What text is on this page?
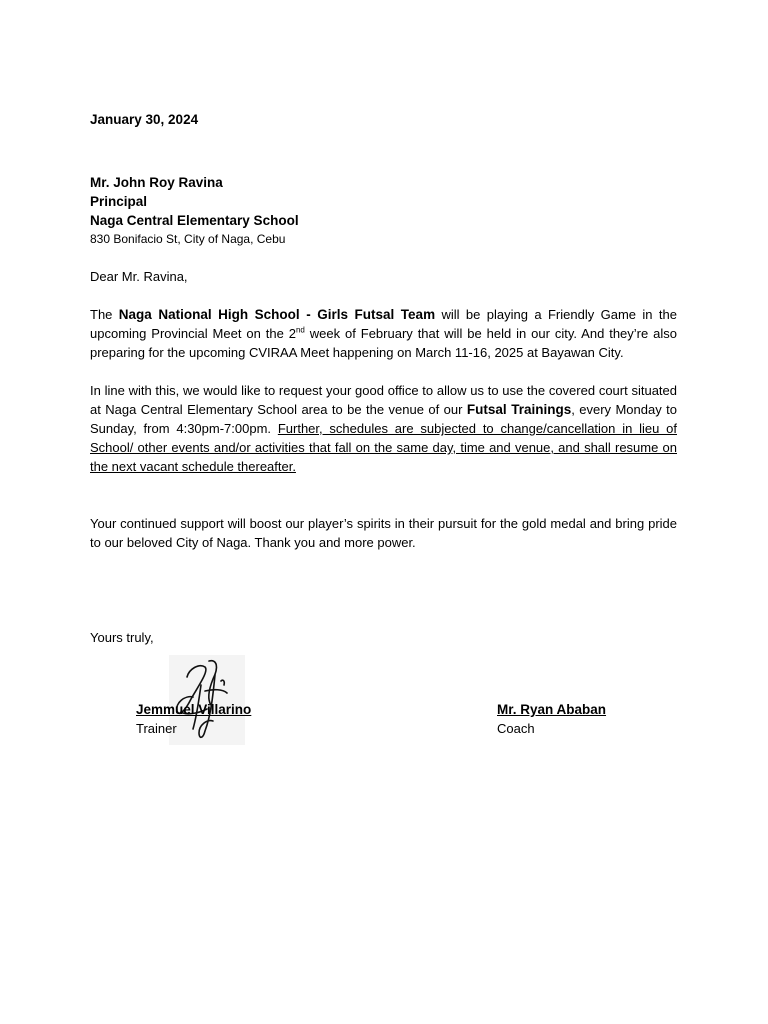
January 30, 2024
Mr. John Roy Ravina
Principal
Naga Central Elementary School
830 Bonifacio St, City of Naga, Cebu
Dear Mr. Ravina,

The Naga National High School - Girls Futsal Team will be playing a Friendly Game in the upcoming Provincial Meet on the 2nd week of February that will be held in our city. And they’re also preparing for the upcoming CVIRAA Meet happening on March 11-16, 2025 at Bayawan City.

In line with this, we would like to request your good office to allow us to use the covered court situated at Naga Central Elementary School area to be the venue of our Futsal Trainings, every Monday to Sunday, from 4:30pm-7:00pm. Further, schedules are subjected to change/cancellation in lieu of School/ other events and/or activities that fall on the same day, time and venue, and shall resume on the next vacant schedule thereafter.

Your continued support will boost our player’s spirits in their pursuit for the gold medal and bring pride to our beloved City of Naga. Thank you and more power.

Yours truly,
Jemmuel Villarino
Trainer
Mr. Ryan Ababan
Coach
